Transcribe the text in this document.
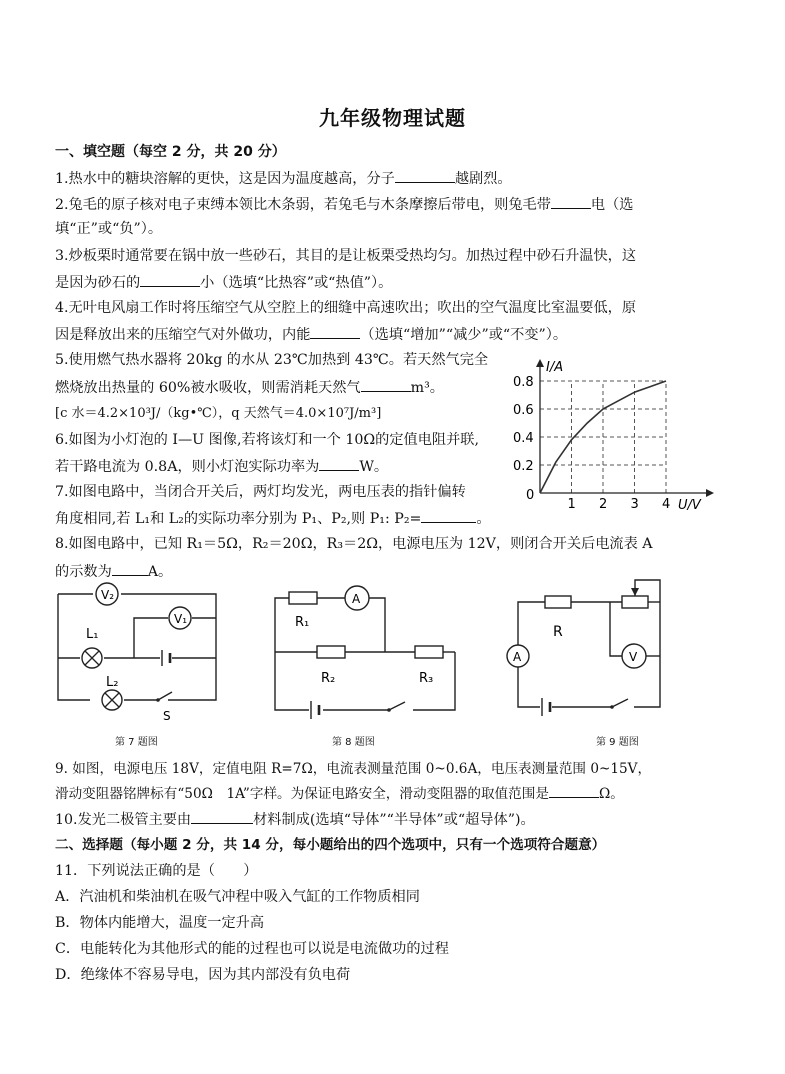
九年级物理试题
一、填空题（每空 2 分，共 20 分）
1.热水中的糖块溶解的更快，这是因为温度越高，分子	越剧烈。
2.兔毛的原子核对电子束缚本领比木条弱，若兔毛与木条摩擦后带电，则兔毛带	电（选
填“正”或“负”）。
3.炒板栗时通常要在锅中放一些砂石，其目的是让板栗受热均匀。加热过程中砂石升温快，这
是因为砂石的	小（选填“比热容”或“热值”）。
4.无叶电风扇工作时将压缩空气从空腔上的细缝中高速吹出；吹出的空气温度比室温要低，原
因是释放出来的压缩空气对外做功，内能	（选填“增加”“减少”或“不变”）。
5.使用燃气热水器将 20kg 的水从 23℃加热到 43℃。若天然气完全
燃烧放出热量的 60%被水吸收，则需消耗天然气	m³。
[c 水＝4.2×10³J/（kg•℃），q 天然气＝4.0×10⁷J/m³]
6.如图为小灯泡的 I—U 图像,若将该灯和一个 10Ω的定值电阻并联,
若干路电流为 0.8A，则小灯泡实际功率为	W。
7.如图电路中，当闭合开关后，两灯均发光，两电压表的指针偏转
角度相同,若 L₁和 L₂的实际功率分别为 P₁、P₂,则 P₁: P₂=	。
8.如图电路中，已知 R₁＝5Ω，R₂＝20Ω，R₃＝2Ω，电源电压为 12V，则闭合开关后电流表 A
的示数为	A。
1 2 3 4
0.2
0.4
0.6
0.8
I/A
U/V
0
V₂
V₁
L₁
L₂
S
第 7 题图
R₁
A
R₂	R₃
第 8 题图
R
A	V
第 9 题图
9. 如图，电源电压 18V，定值电阻 R=7Ω，电流表测量范围 0~0.6A，电压表测量范围 0~15V，
滑动变阻器铭牌标有“50Ω　1A”字样。为保证电路安全，滑动变阻器的取值范围是	Ω。
10.发光二极管主要由	材料制成(选填“导体”“半导体”或“超导体”)。
二、选择题（每小题 2 分，共 14 分，每小题给出的四个选项中，只有一个选项符合题意）
11．下列说法正确的是（　　）
A．汽油机和柴油机在吸气冲程中吸入气缸的工作物质相同
B．物体内能增大，温度一定升高
C．电能转化为其他形式的能的过程也可以说是电流做功的过程
D．绝缘体不容易导电，因为其内部没有负电荷
